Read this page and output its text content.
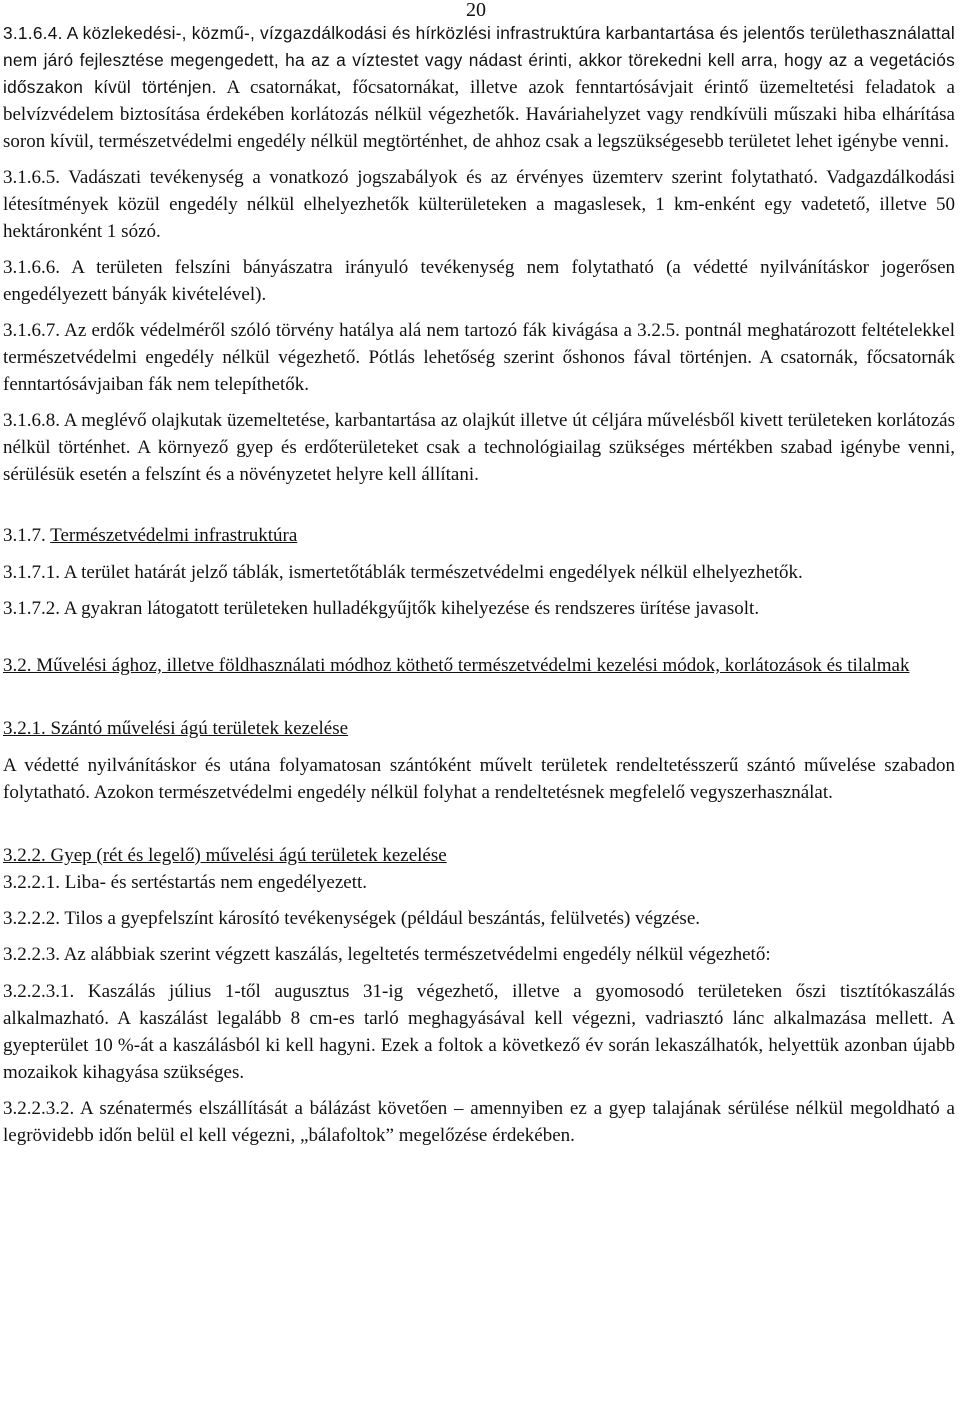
20

3.1.6.4. A közlekedési-, közmű-, vízgazdálkodási és hírközlési infrastruktúra karbantartása és jelentős területhasználattal nem járó fejlesztése megengedett, ha az a víztestet vagy nádast érinti, akkor törekedni kell arra, hogy az a vegetációs időszakon kívül történjen. A csatornákat, főcsatornákat, illetve azok fenntartósávjait érintő üzemeltetési feladatok a belvízvédelem biztosítása érdekében korlátozás nélkül végezhetők. Haváriahelyzet vagy rendkívüli műszaki hiba elhárítása soron kívül, természetvédelmi engedély nélkül megtörténhet, de ahhoz csak a legszükségesebb területet lehet igénybe venni.

3.1.6.5. Vadászati tevékenység a vonatkozó jogszabályok és az érvényes üzemterv szerint folytatható. Vadgazdálkodási létesítmények közül engedély nélkül elhelyezhetők külterületeken a magaslesek, 1 km-enként egy vadetető, illetve 50 hektáronként 1 sózó.

3.1.6.6. A területen felszíni bányászatra irányuló tevékenység nem folytatható (a védetté nyilvánításkor jogerősen engedélyezett bányák kivételével).

3.1.6.7. Az erdők védelméről szóló törvény hatálya alá nem tartozó fák kivágása a 3.2.5. pontnál meghatározott feltételekkel természetvédelmi engedély nélkül végezhető. Pótlás lehetőség szerint őshonos fával történjen. A csatornák, főcsatornák fenntartósávjaiban fák nem telepíthetők.

3.1.6.8. A meglévő olajkutak üzemeltetése, karbantartása az olajkút illetve út céljára művelésből kivett területeken korlátozás nélkül történhet. A környező gyep és erdőterületeket csak a technológiailag szükséges mértékben szabad igénybe venni, sérülésük esetén a felszínt és a növényzetet helyre kell állítani.

3.1.7. Természetvédelmi infrastruktúra

3.1.7.1. A terület határát jelző táblák, ismertetőtáblák természetvédelmi engedélyek nélkül elhelyezhetők.

3.1.7.2. A gyakran látogatott területeken hulladékgyűjtők kihelyezése és rendszeres ürítése javasolt.

3.2. Művelési ághoz, illetve földhasználati módhoz köthető természetvédelmi kezelési módok, korlátozások és tilalmak

3.2.1. Szántó művelési ágú területek kezelése

A védetté nyilvánításkor és utána folyamatosan szántóként művelt területek rendeltetésszerű szántó művelése szabadon folytatható. Azokon természetvédelmi engedély nélkül folyhat a rendeltetésnek megfelelő vegyszerhasználat.

3.2.2. Gyep (rét és legelő) művelési ágú területek kezelése

3.2.2.1. Liba- és sertéstartás nem engedélyezett.

3.2.2.2. Tilos a gyepfelszínt károsító tevékenységek (például beszántás, felülvetés) végzése.

3.2.2.3. Az alábbiak szerint végzett kaszálás, legeltetés természetvédelmi engedély nélkül végezhető:

3.2.2.3.1. Kaszálás július 1-től augusztus 31-ig végezhető, illetve a gyomosodó területeken őszi tisztítókaszálás alkalmazható. A kaszálást legalább 8 cm-es tarló meghagyásával kell végezni, vadriasztó lánc alkalmazása mellett. A gyepterület 10 %-át a kaszálásból ki kell hagyni. Ezek a foltok a következő év során lekaszálhatók, helyettük azonban újabb mozaikok kihagyása szükséges.

3.2.2.3.2. A szénatermés elszállítását a bálázást követően – amennyiben ez a gyep talajának sérülése nélkül megoldható a legrövidebb időn belül el kell végezni, „bálafoltok” megelőzése érdekében.
